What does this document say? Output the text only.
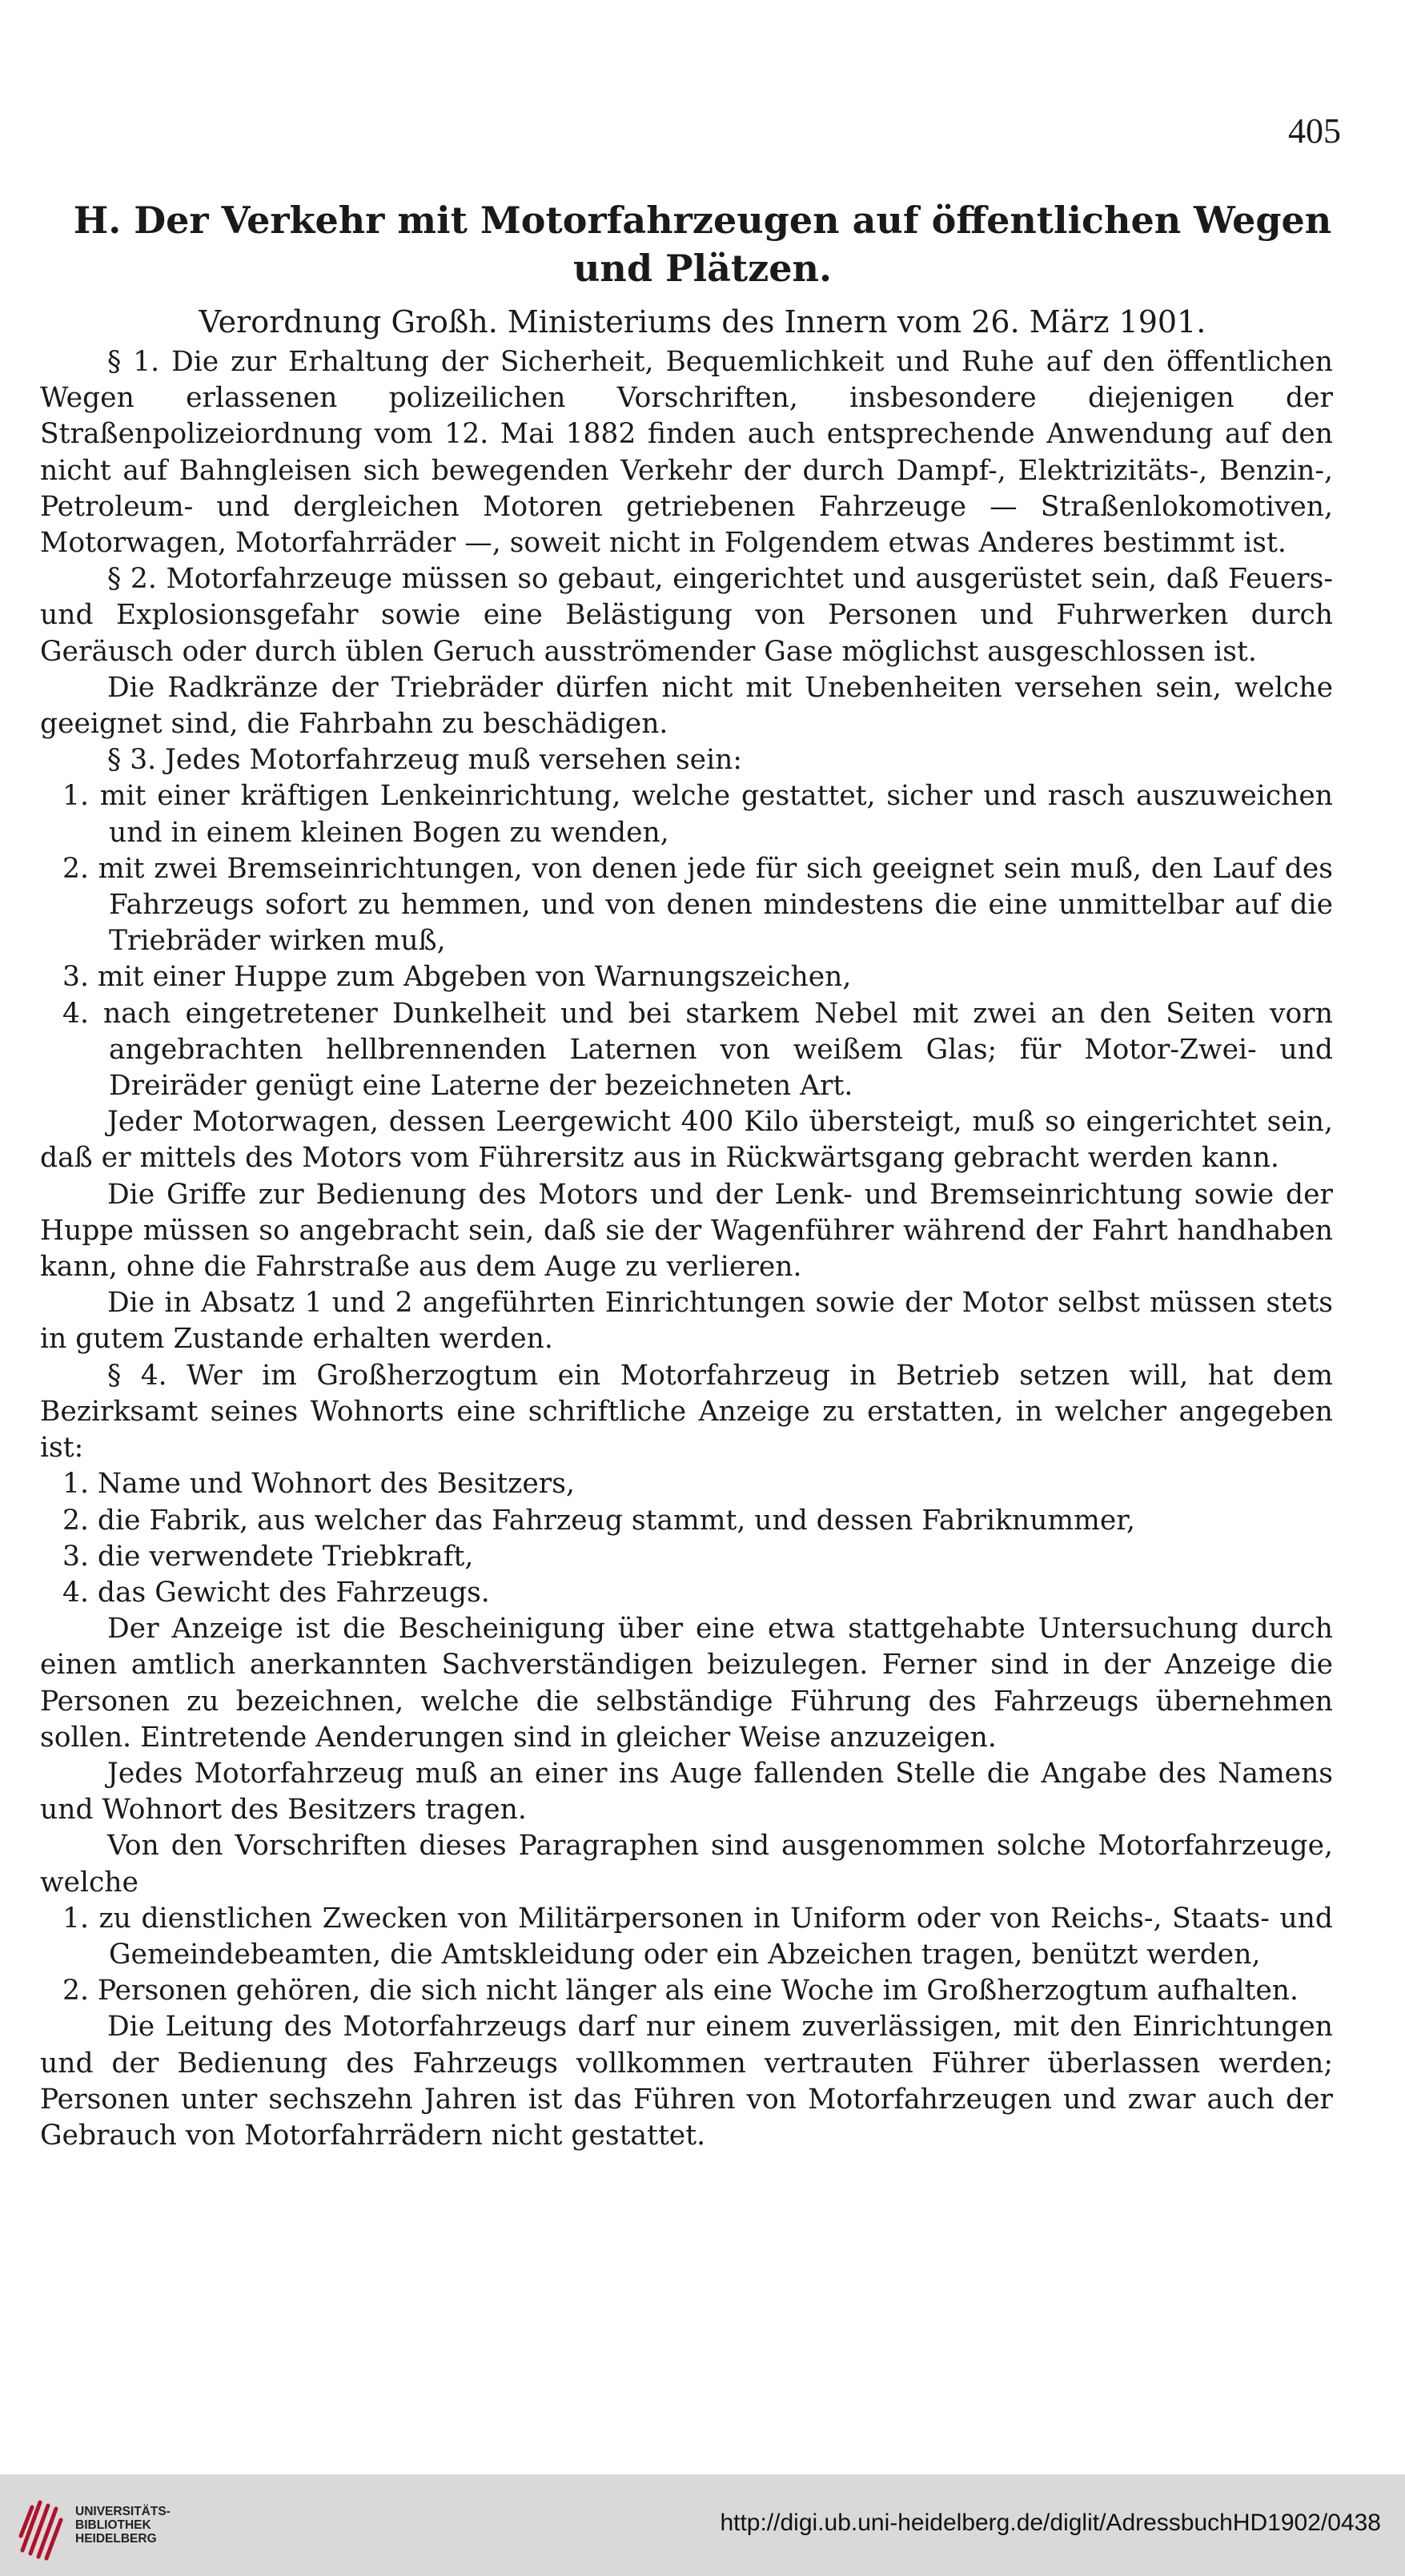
405
H. Der Verkehr mit Motorfahrzeugen auf öffentlichen Wegen und Plätzen.
Verordnung Großh. Ministeriums des Innern vom 26. März 1901.

§ 1. Die zur Erhaltung der Sicherheit, Bequemlichkeit und Ruhe auf den öffentlichen Wegen erlassenen polizeilichen Vorschriften, insbesondere diejenigen der Straßenpolizeiordnung vom 12. Mai 1882 finden auch entsprechende Anwendung auf den nicht auf Bahngleisen sich bewegenden Verkehr der durch Dampf-, Elektrizitäts-, Benzin-, Petroleum- und dergleichen Motoren getriebenen Fahrzeuge — Straßenlokomotiven, Motorwagen, Motorfahrräder —, soweit nicht in Folgendem etwas Anderes bestimmt ist.

§ 2. Motorfahrzeuge müssen so gebaut, eingerichtet und ausgerüstet sein, daß Feuers- und Explosionsgefahr sowie eine Belästigung von Personen und Fuhrwerken durch Geräusch oder durch üblen Geruch ausströmender Gase möglichst ausgeschlossen ist.

Die Radkränze der Triebräder dürfen nicht mit Unebenheiten versehen sein, welche geeignet sind, die Fahrbahn zu beschädigen.

§ 3. Jedes Motorfahrzeug muß versehen sein:

1. mit einer kräftigen Lenkeinrichtung, welche gestattet, sicher und rasch auszuweichen und in einem kleinen Bogen zu wenden,
2. mit zwei Bremseinrichtungen, von denen jede für sich geeignet sein muß, den Lauf des Fahrzeugs sofort zu hemmen, und von denen mindestens die eine unmittelbar auf die Triebräder wirken muß,
3. mit einer Huppe zum Abgeben von Warnungszeichen,
4. nach eingetretener Dunkelheit und bei starkem Nebel mit zwei an den Seiten vorn angebrachten hellbrennenden Laternen von weißem Glas; für Motor-Zwei- und Dreiräder genügt eine Laterne der bezeichneten Art.

Jeder Motorwagen, dessen Leergewicht 400 Kilo übersteigt, muß so eingerichtet sein, daß er mittels des Motors vom Führersitz aus in Rückwärtsgang gebracht werden kann.

Die Griffe zur Bedienung des Motors und der Lenk- und Bremseinrichtung sowie der Huppe müssen so angebracht sein, daß sie der Wagenführer während der Fahrt handhaben kann, ohne die Fahrstraße aus dem Auge zu verlieren.

Die in Absatz 1 und 2 angeführten Einrichtungen sowie der Motor selbst müssen stets in gutem Zustande erhalten werden.

§ 4. Wer im Großherzogtum ein Motorfahrzeug in Betrieb setzen will, hat dem Bezirksamt seines Wohnorts eine schriftliche Anzeige zu erstatten, in welcher angegeben ist:

1. Name und Wohnort des Besitzers,
2. die Fabrik, aus welcher das Fahrzeug stammt, und dessen Fabriknummer,
3. die verwendete Triebkraft,
4. das Gewicht des Fahrzeugs.

Der Anzeige ist die Bescheinigung über eine etwa stattgehabte Untersuchung durch einen amtlich anerkannten Sachverständigen beizulegen. Ferner sind in der Anzeige die Personen zu bezeichnen, welche die selbständige Führung des Fahrzeugs übernehmen sollen. Eintretende Aenderungen sind in gleicher Weise anzuzeigen.

Jedes Motorfahrzeug muß an einer ins Auge fallenden Stelle die Angabe des Namens und Wohnort des Besitzers tragen.

Von den Vorschriften dieses Paragraphen sind ausgenommen solche Motorfahrzeuge, welche

1. zu dienstlichen Zwecken von Militärpersonen in Uniform oder von Reichs-, Staats- und Gemeindebeamten, die Amtskleidung oder ein Abzeichen tragen, benützt werden,
2. Personen gehören, die sich nicht länger als eine Woche im Großherzogtum aufhalten.

Die Leitung des Motorfahrzeugs darf nur einem zuverlässigen, mit den Einrichtungen und der Bedienung des Fahrzeugs vollkommen vertrauten Führer überlassen werden; Personen unter sechszehn Jahren ist das Führen von Motorfahrzeugen und zwar auch der Gebrauch von Motorfahrrädern nicht gestattet.

UNIVERSITÄTS-
BIBLIOTHEK
HEIDELBERG
http://digi.ub.uni-heidelberg.de/diglit/AdressbuchHD1902/0438
